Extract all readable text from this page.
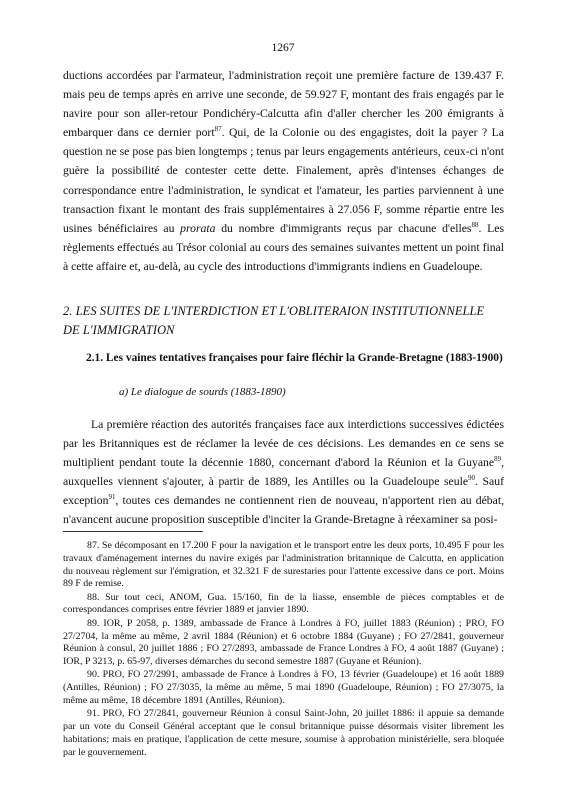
1267

ductions accordées par l'armateur, l'administration reçoit une première facture de 139.437 F. mais peu de temps après en arrive une seconde, de 59.927 F, montant des frais engagés par le navire pour son aller-retour Pondichéry-Calcutta afin d'aller chercher les 200 émigrants à embarquer dans ce dernier port$^{87}$. Qui, de la Colonie ou des engagistes, doit la payer ? La question ne se pose pas bien longtemps ; tenus par leurs engagements antérieurs, ceux-ci n'ont guère la possibilité de contester cette dette. Finalement, après d'intenses échanges de correspondance entre l'administration, le syndicat et l'amateur, les parties parviennent à une transaction fixant le montant des frais supplémentaires à 27.056 F, somme répartie entre les usines bénéficiaires au prorata du nombre d'immigrants reçus par chacune d'elles$^{88}$. Les règlements effectués au Trésor colonial au cours des semaines suivantes mettent un point final à cette affaire et, au-delà, au cycle des introductions d'immigrants indiens en Guadeloupe.

2. LES SUITES DE L'INTERDICTION ET L'OBLITERAION INSTITUTIONNELLE DE L'IMMIGRATION
2.1. Les vaines tentatives françaises pour faire fléchir la Grande-Bretagne (1883-1900)
a) Le dialogue de sourds (1883-1890)

La première réaction des autorités françaises face aux interdictions successives édictées par les Britanniques est de réclamer la levée de ces décisions. Les demandes en ce sens se multiplient pendant toute la décennie 1880, concernant d'abord la Réunion et la Guyane$^{89}$, auxquelles viennent s'ajouter, à partir de 1889, les Antilles ou la Guadeloupe seule$^{90}$. Sauf exception$^{91}$, toutes ces demandes ne contiennent rien de nouveau, n'apportent rien au débat, n'avancent aucune proposition susceptible d'inciter la Grande-Bretagne à réexaminer sa posi-

87. Se décomposant en 17.200 F pour la navigation et le transport entre les deux ports, 10.495 F pour les travaux d'aménagement internes du navire exigés par l'administration britannique de Calcutta, en application du nouveau règlement sur l'émigration, et 32.321 F de surestaries pour l'attente excessive dans ce port. Moins 89 F de remise.

88. Sur tout ceci, ANOM, Gua. 15/160, fin de la liasse, ensemble de pièces comptables et de correspondances comprises entre février 1889 et janvier 1890.

89. IOR, P 2058, p. 1389, ambassade de France à Londres à FO, juillet 1883 (Réunion) ; PRO, FO 27/2704, la même au même, 2 avril 1884 (Réunion) et 6 octobre 1884 (Guyane) ; FO 27/2841, gouverneur Réunion à consul, 20 juillet 1886 ; FO 27/2893, ambassade de France Londres à FO, 4 août 1887 (Guyane) ; IOR, P 3213, p. 65-97, diverses démarches du second semestre 1887 (Guyane et Réunion).

90. PRO, FO 27/2991, ambassade de France à Londres à FO, 13 février (Guadeloupe) et 16 août 1889 (Antilles, Réunion) ; FO 27/3035, la même au même, 5 mai 1890 (Guadeloupe, Réunion) ; FO 27/3075, la même au même, 18 décembre 1891 (Antilles, Réunion).

91. PRO, FO 27/2841, gouverneur Réunion à consul Saint-John, 20 juillet 1886: il appuie sa demande par un vote du Conseil Général acceptant que le consul britannique puisse désormais visiter librement les habitations; mais en pratique, l'application de cette mesure, soumise à approbation ministérielle, sera bloquée par le gouvernement.
